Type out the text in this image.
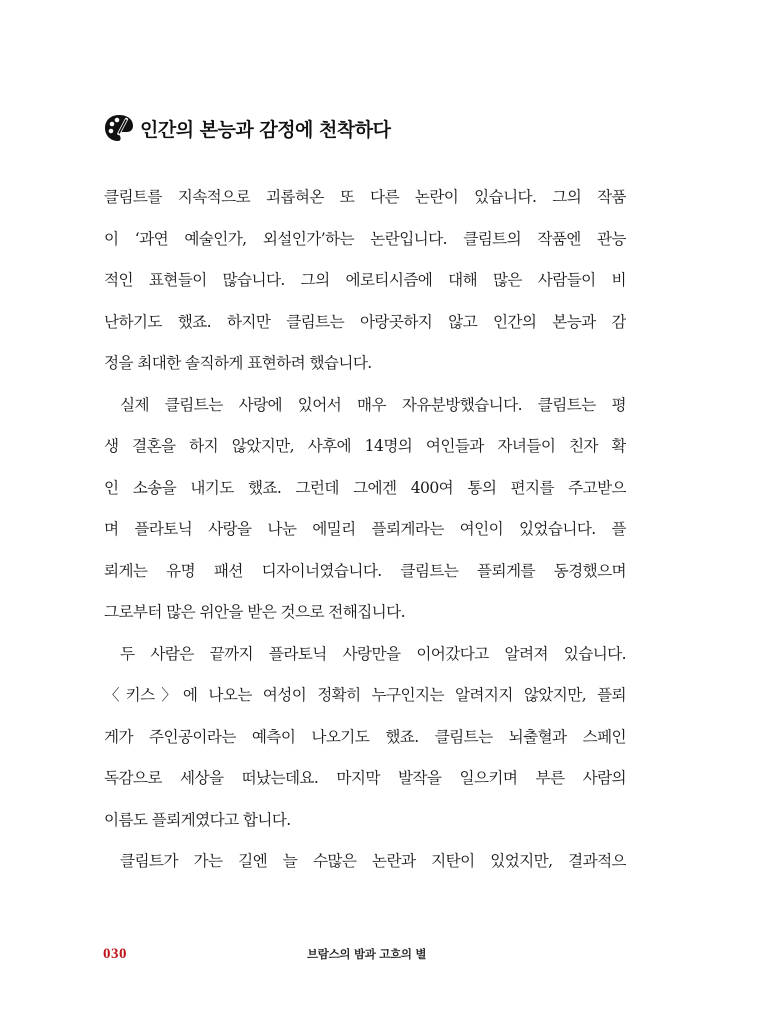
인간의 본능과 감정에 천착하다
클림트를 지속적으로 괴롭혀온 또 다른 논란이 있습니다. 그의 작품
이 ‘과연 예술인가, 외설인가’하는 논란입니다. 클림트의 작품엔 관능
적인 표현들이 많습니다. 그의 에로티시즘에 대해 많은 사람들이 비
난하기도 했죠. 하지만 클림트는 아랑곳하지 않고 인간의 본능과 감
정을 최대한 솔직하게 표현하려 했습니다.
실제 클림트는 사랑에 있어서 매우 자유분방했습니다. 클림트는 평
생 결혼을 하지 않았지만, 사후에 14명의 여인들과 자녀들이 친자 확
인 소송을 내기도 했죠. 그런데 그에겐 400여 통의 편지를 주고받으
며 플라토닉 사랑을 나눈 에밀리 플뢰게라는 여인이 있었습니다. 플
뢰게는 유명 패션 디자이너였습니다. 클림트는 플뢰게를 동경했으며
그로부터 많은 위안을 받은 것으로 전해집니다.
두 사람은 끝까지 플라토닉 사랑만을 이어갔다고 알려져 있습니다.
〈키스〉에 나오는 여성이 정확히 누구인지는 알려지지 않았지만, 플뢰
게가 주인공이라는 예측이 나오기도 했죠. 클림트는 뇌출혈과 스페인
독감으로 세상을 떠났는데요. 마지막 발작을 일으키며 부른 사람의
이름도 플뢰게였다고 합니다.
클림트가 가는 길엔 늘 수많은 논란과 지탄이 있었지만, 결과적으
030	브람스의 밤과 고흐의 별
